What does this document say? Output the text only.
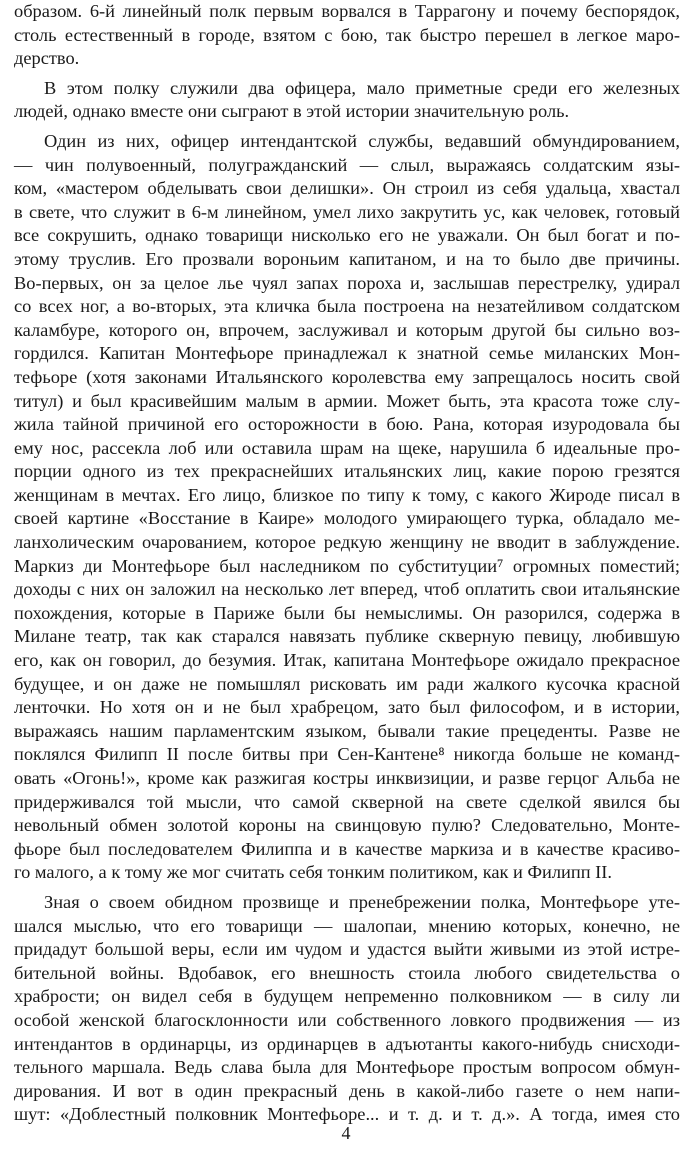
образом. 6-й линейный полк первым ворвался в Таррагону и почему беспорядок,
столь естественный в городе, взятом с бою, так быстро перешел в легкое маро-
дерство.
В этом полку служили два офицера, мало приметные среди его железных
людей, однако вместе они сыграют в этой истории значительную роль.
Один из них, офицер интендантской службы, ведавший обмундированием,
— чин полувоенный, полугражданский — слыл, выражаясь солдатским язы-
ком, «мастером обделывать свои делишки». Он строил из себя удальца, хвастал
в свете, что служит в 6-м линейном, умел лихо закрутить ус, как человек, готовый
все сокрушить, однако товарищи нисколько его не уважали. Он был богат и по-
этому труслив. Его прозвали вороньим капитаном, и на то было две причины.
Во-первых, он за целое лье чуял запах пороха и, заслышав перестрелку, удирал
со всех ног, а во-вторых, эта кличка была построена на незатейливом солдатском
каламбуре, которого он, впрочем, заслуживал и которым другой бы сильно воз-
гордился. Капитан Монтефьоре принадлежал к знатной семье миланских Мон-
тефьоре (хотя законами Итальянского королевства ему запрещалось носить свой
титул) и был красивейшим малым в армии. Может быть, эта красота тоже слу-
жила тайной причиной его осторожности в бою. Рана, которая изуродовала бы
ему нос, рассекла лоб или оставила шрам на щеке, нарушила б идеальные про-
порции одного из тех прекраснейших итальянских лиц, какие порою грезятся
женщинам в мечтах. Его лицо, близкое по типу к тому, с какого Жироде писал в
своей картине «Восстание в Каире» молодого умирающего турка, обладало ме-
ланхолическим очарованием, которое редкую женщину не вводит в заблуждение.
Маркиз ди Монтефьоре был наследником по субституции⁷ огромных поместий;
доходы с них он заложил на несколько лет вперед, чтоб оплатить свои итальянские
похождения, которые в Париже были бы немыслимы. Он разорился, содержа в
Милане театр, так как старался навязать публике скверную певицу, любившую
его, как он говорил, до безумия. Итак, капитана Монтефьоре ожидало прекрасное
будущее, и он даже не помышлял рисковать им ради жалкого кусочка красной
ленточки. Но хотя он и не был храбрецом, зато был философом, и в истории,
выражаясь нашим парламентским языком, бывали такие прецеденты. Разве не
поклялся Филипп II после битвы при Сен-Кантене⁸ никогда больше не команд-
овать «Огонь!», кроме как разжигая костры инквизиции, и разве герцог Альба не
придерживался той мысли, что самой скверной на свете сделкой явился бы
невольный обмен золотой короны на свинцовую пулю? Следовательно, Монте-
фьоре был последователем Филиппа и в качестве маркиза и в качестве красиво-
го малого, а к тому же мог считать себя тонким политиком, как и Филипп II.
Зная о своем обидном прозвище и пренебрежении полка, Монтефьоре уте-
шался мыслью, что его товарищи — шалопаи, мнению которых, конечно, не
придадут большой веры, если им чудом и удастся выйти живыми из этой истре-
бительной войны. Вдобавок, его внешность стоила любого свидетельства о
храбрости; он видел себя в будущем непременно полковником — в силу ли
особой женской благосклонности или собственного ловкого продвижения — из
интендантов в ординарцы, из ординарцев в адъютанты какого-нибудь снисходи-
тельного маршала. Ведь слава была для Монтефьоре простым вопросом обмун-
дирования. И вот в один прекрасный день в какой-либо газете о нем напи-
шут: «Доблестный полковник Монтефьоре... и т. д. и т. д.». А тогда, имея сто
4
